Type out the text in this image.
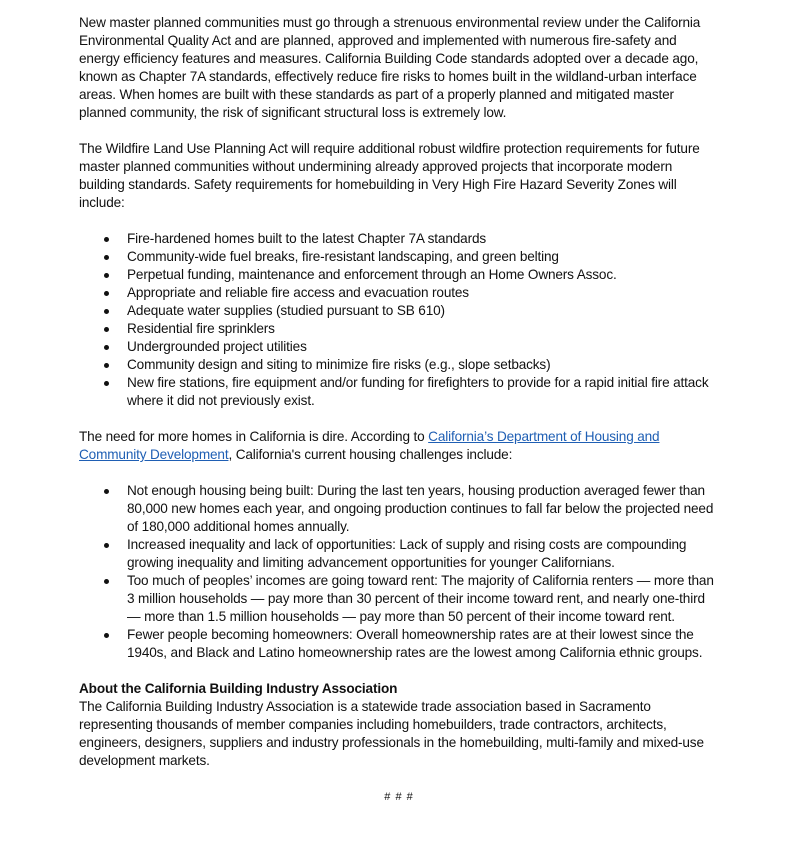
New master planned communities must go through a strenuous environmental review under the California Environmental Quality Act and are planned, approved and implemented with numerous fire-safety and energy efficiency features and measures. California Building Code standards adopted over a decade ago, known as Chapter 7A standards, effectively reduce fire risks to homes built in the wildland-urban interface areas. When homes are built with these standards as part of a properly planned and mitigated master planned community, the risk of significant structural loss is extremely low.

The Wildfire Land Use Planning Act will require additional robust wildfire protection requirements for future master planned communities without undermining already approved projects that incorporate modern building standards. Safety requirements for homebuilding in Very High Fire Hazard Severity Zones will include:

Fire-hardened homes built to the latest Chapter 7A standards
Community-wide fuel breaks, fire-resistant landscaping, and green belting
Perpetual funding, maintenance and enforcement through an Home Owners Assoc.
Appropriate and reliable fire access and evacuation routes
Adequate water supplies (studied pursuant to SB 610)
Residential fire sprinklers
Undergrounded project utilities
Community design and siting to minimize fire risks (e.g., slope setbacks)
New fire stations, fire equipment and/or funding for firefighters to provide for a rapid initial fire attack where it did not previously exist.

The need for more homes in California is dire. According to California’s Department of Housing and Community Development, California's current housing challenges include:

Not enough housing being built: During the last ten years, housing production averaged fewer than 80,000 new homes each year, and ongoing production continues to fall far below the projected need of 180,000 additional homes annually.
Increased inequality and lack of opportunities: Lack of supply and rising costs are compounding growing inequality and limiting advancement opportunities for younger Californians.
Too much of peoples’ incomes are going toward rent: The majority of California renters — more than 3 million households — pay more than 30 percent of their income toward rent, and nearly one-third — more than 1.5 million households — pay more than 50 percent of their income toward rent.
Fewer people becoming homeowners: Overall homeownership rates are at their lowest since the 1940s, and Black and Latino homeownership rates are the lowest among California ethnic groups.

About the California Building Industry Association

The California Building Industry Association is a statewide trade association based in Sacramento representing thousands of member companies including homebuilders, trade contractors, architects, engineers, designers, suppliers and industry professionals in the homebuilding, multi-family and mixed-use development markets.

# # #
